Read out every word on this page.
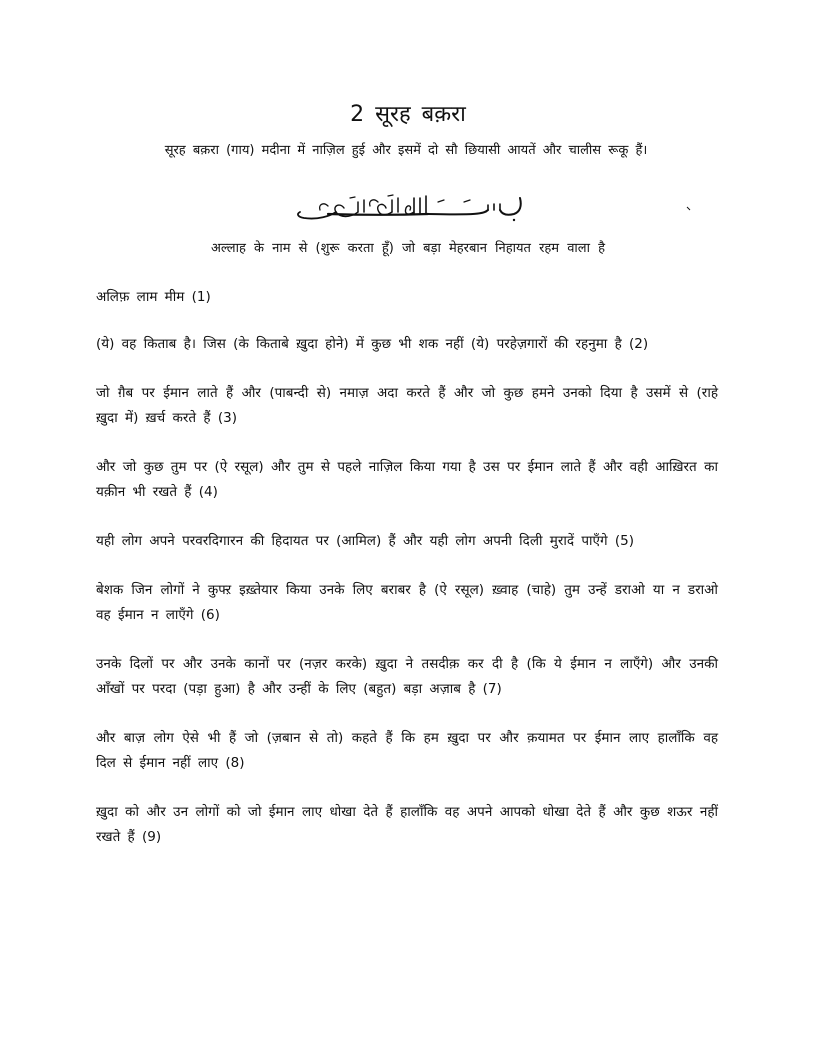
2 सूरह बक़रा
सूरह बक़रा (गाय) मदीना में नाज़िल हुई और इसमें दो सौ छियासी आयतें और चालीस रूकू हैं।
بِسْمِ اللّٰهِ الرَّحْمٰنِ الرَّحِيْمِ
अल्लाह के नाम से (शुरू करता हूँ) जो बड़ा मेहरबान निहायत रहम वाला है

अलिफ़ लाम मीम (1)

(ये) वह किताब है। जिस (के किताबे ख़ुदा होने) में कुछ भी शक नहीं (ये) परहेज़गारों की रहनुमा है (2)

जो ग़ैब पर ईमान लाते हैं और (पाबन्दी से) नमाज़ अदा करते हैं और जो कुछ हमने उनको दिया है उसमें से (राहे ख़ुदा में) ख़र्च करते हैं (3)

और जो कुछ तुम पर (ऐ रसूल) और तुम से पहले नाज़िल किया गया है उस पर ईमान लाते हैं और वही आख़िरत का यक़ीन भी रखते हैं (4)

यही लोग अपने परवरदिगारन की हिदायत पर (आमिल) हैं और यही लोग अपनी दिली मुरादें पाएँगे (5)

बेशक जिन लोगों ने कुफ्ऱ इख़्तेयार किया उनके लिए बराबर है (ऐ रसूल) ख़्वाह (चाहे) तुम उन्हें डराओ या न डराओ वह ईमान न लाएँगे (6)

उनके दिलों पर और उनके कानों पर (नज़र करके) ख़ुदा ने तसदीक़ कर दी है (कि ये ईमान न लाएँगे) और उनकी आँखों पर परदा (पड़ा हुआ) है और उन्हीं के लिए (बहुत) बड़ा अज़ाब है (7)

और बाज़ लोग ऐसे भी हैं जो (ज़बान से तो) कहते हैं कि हम ख़ुदा पर और क़यामत पर ईमान लाए हालाँकि वह दिल से ईमान नहीं लाए (8)

ख़ुदा को और उन लोगों को जो ईमान लाए धोखा देते हैं हालाँकि वह अपने आपको धोखा देते हैं और कुछ शऊर नहीं रखते हैं (9)
